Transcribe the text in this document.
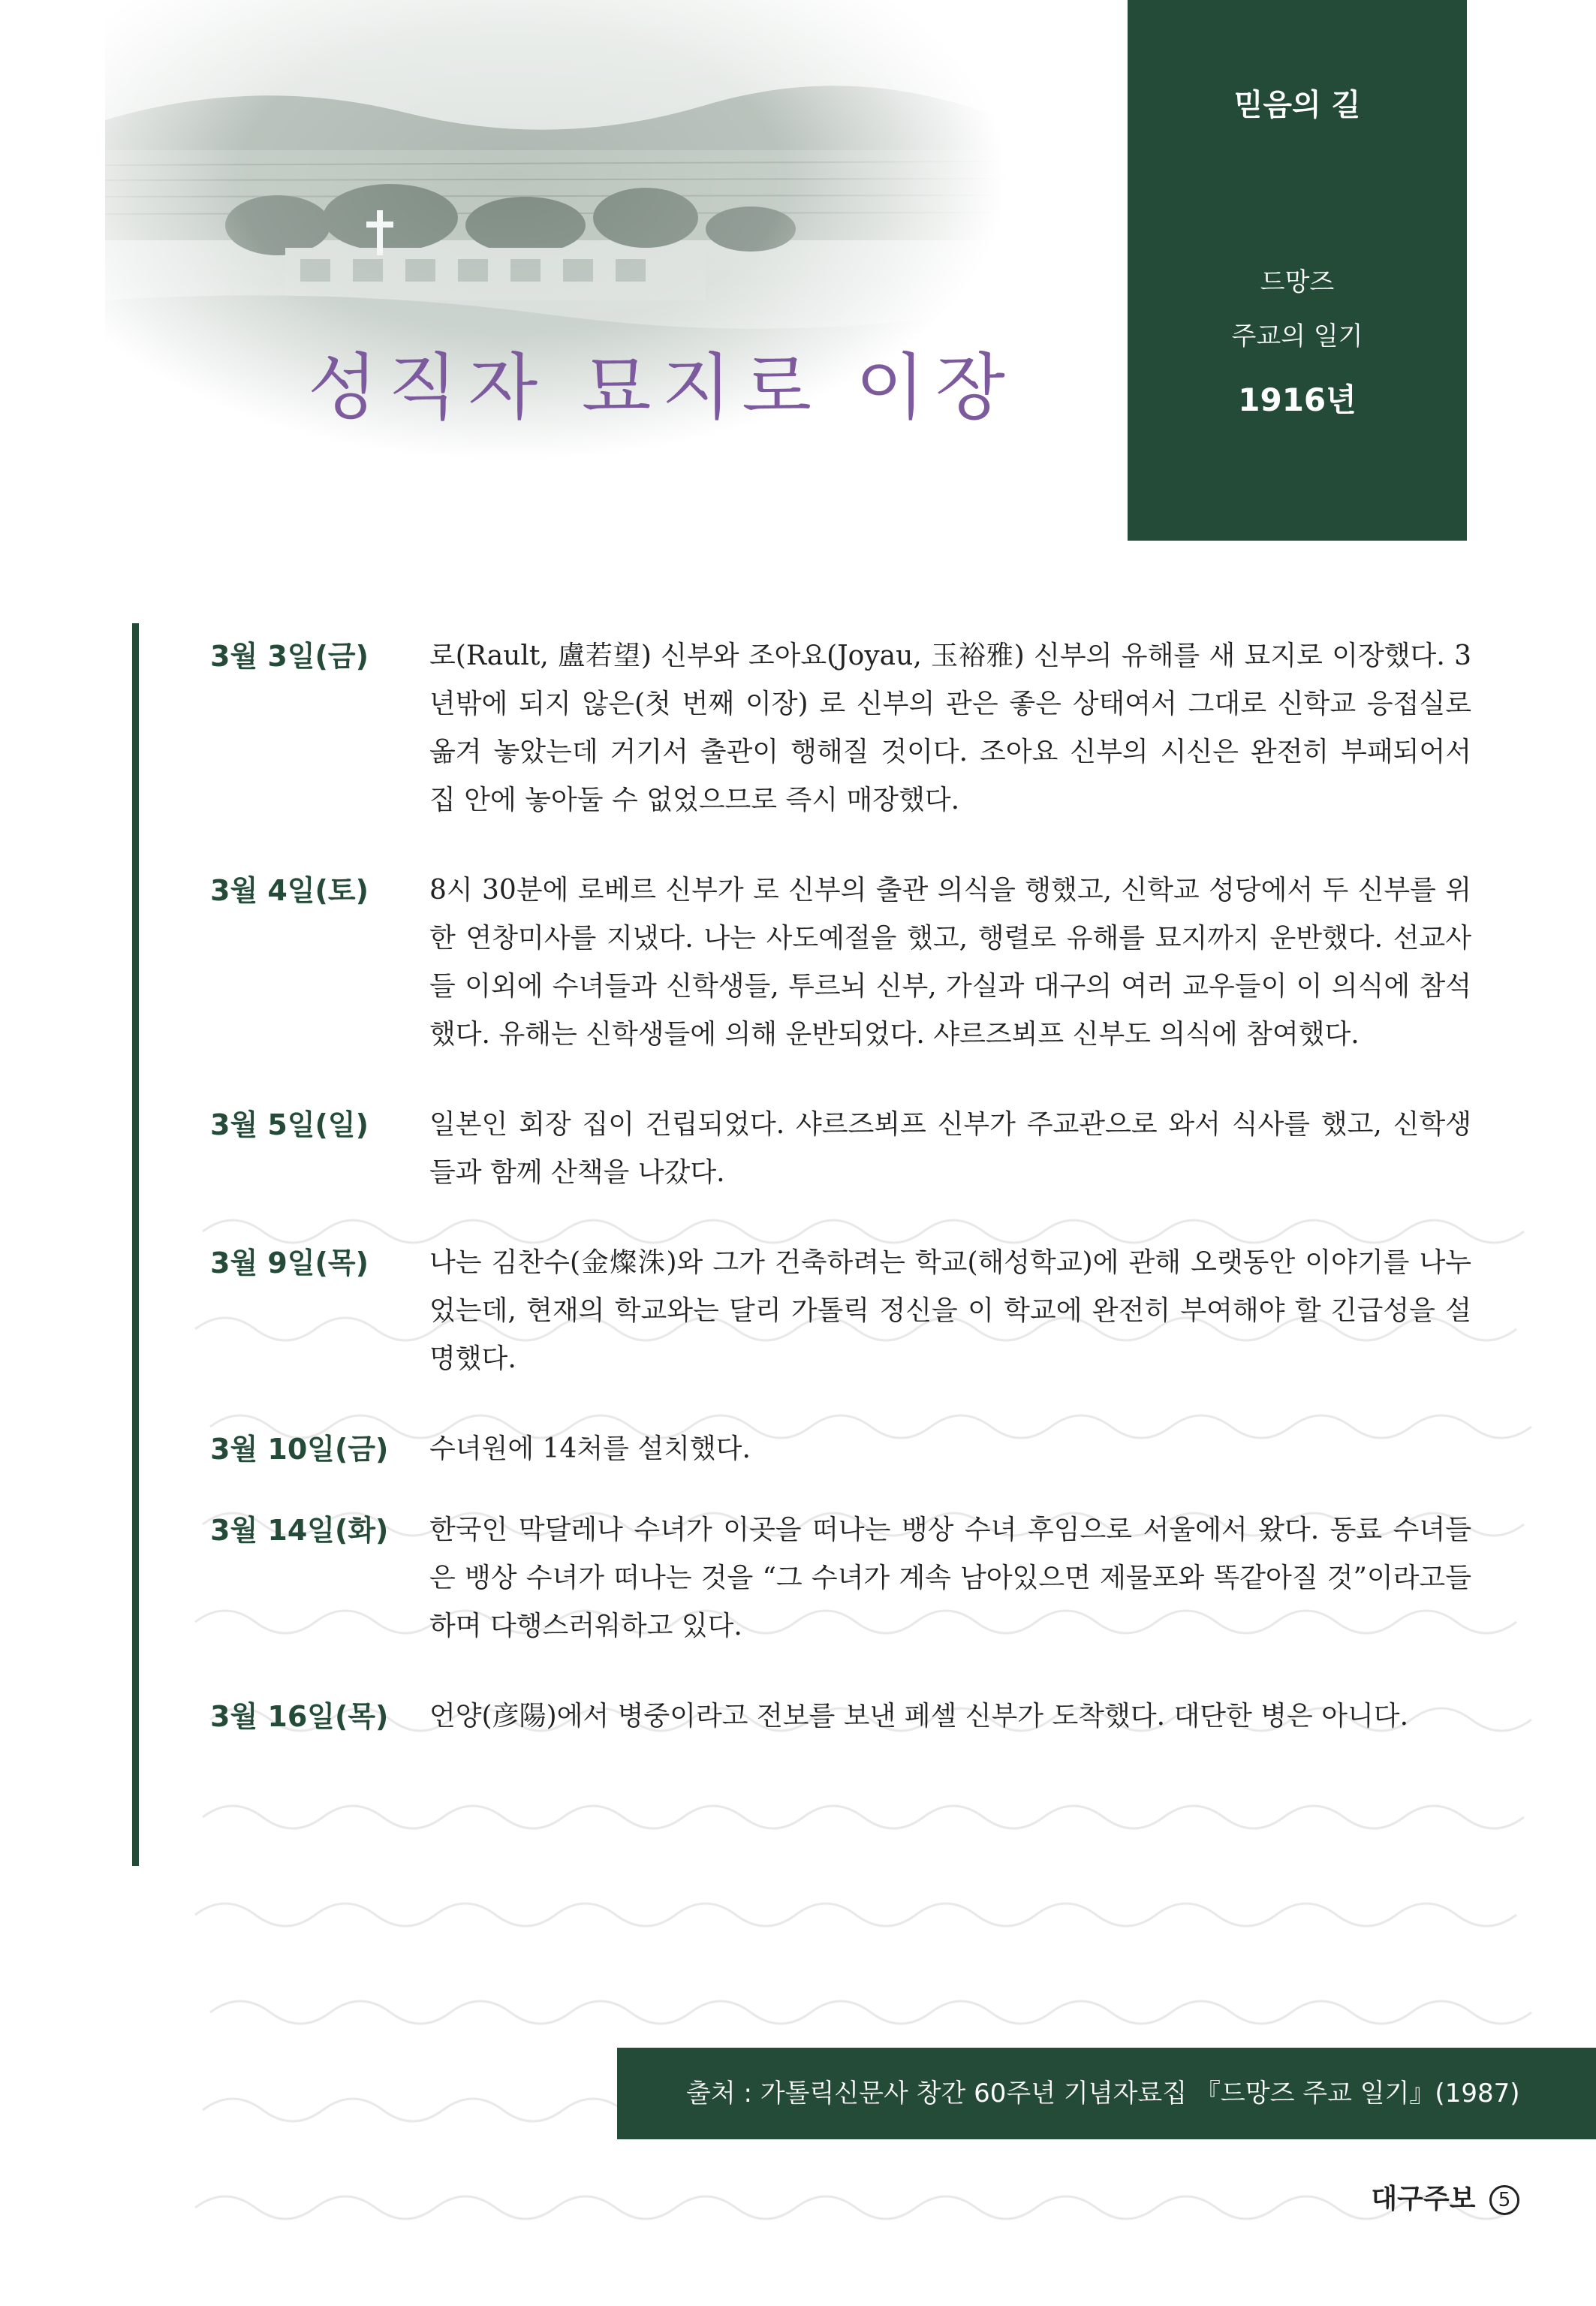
성직자 묘지로 이장
믿음의 길
드망즈
주교의 일기
1916년
3월 3일(금)	로(Rault, 盧若望) 신부와 조아요(Joyau, 玉裕雅) 신부의 유해를 새 묘지로 이장했다. 3년밖에 되지 않은(첫 번째 이장) 로 신부의 관은 좋은 상태여서 그대로 신학교 응접실로 옮겨 놓았는데 거기서 출관이 행해질 것이다. 조아요 신부의 시신은 완전히 부패되어서 집 안에 놓아둘 수 없었으므로 즉시 매장했다.
3월 4일(토)	8시 30분에 로베르 신부가 로 신부의 출관 의식을 행했고, 신학교 성당에서 두 신부를 위한 연창미사를 지냈다. 나는 사도예절을 했고, 행렬로 유해를 묘지까지 운반했다. 선교사들 이외에 수녀들과 신학생들, 투르뇌 신부, 가실과 대구의 여러 교우들이 이 의식에 참석했다. 유해는 신학생들에 의해 운반되었다. 샤르즈뵈프 신부도 의식에 참여했다.
3월 5일(일)	일본인 회장 집이 건립되었다. 샤르즈뵈프 신부가 주교관으로 와서 식사를 했고, 신학생들과 함께 산책을 나갔다.
3월 9일(목)	나는 김찬수(金燦洙)와 그가 건축하려는 학교(해성학교)에 관해 오랫동안 이야기를 나누었는데, 현재의 학교와는 달리 가톨릭 정신을 이 학교에 완전히 부여해야 할 긴급성을 설명했다.
3월 10일(금)	수녀원에 14처를 설치했다.
3월 14일(화)	한국인 막달레나 수녀가 이곳을 떠나는 뱅상 수녀 후임으로 서울에서 왔다. 동료 수녀들은 뱅상 수녀가 떠나는 것을 “그 수녀가 계속 남아있으면 제물포와 똑같아질 것”이라고들 하며 다행스러워하고 있다.
3월 16일(목)	언양(彦陽)에서 병중이라고 전보를 보낸 페셀 신부가 도착했다. 대단한 병은 아니다.
출처 : 가톨릭신문사 창간 60주년 기념자료집 『드망즈 주교 일기』(1987)
대구주보 5
